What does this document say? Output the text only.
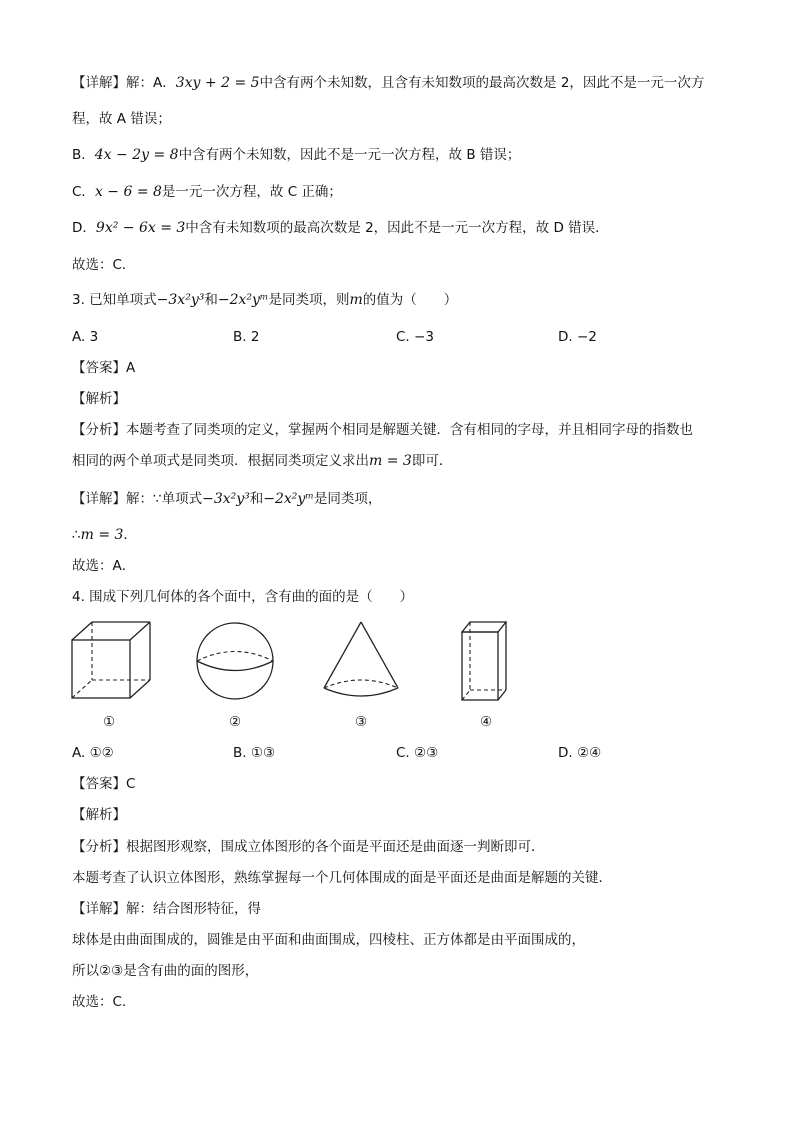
【详解】解：A．3xy + 2 = 5中含有两个未知数，且含有未知数项的最高次数是 2，因此不是一元一次方
程，故 A 错误；
B．4x − 2y = 8中含有两个未知数，因此不是一元一次方程，故 B 错误；
C．x − 6 = 8是一元一次方程，故 C 正确；
D．9x² − 6x = 3中含有未知数项的最高次数是 2，因此不是一元一次方程，故 D 错误．
故选：C．
3. 已知单项式−3x²y³和−2x²yᵐ是同类项，则m的值为（　　）
A. 3	B. 2	C. −3	D. −2
【答案】A
【解析】
【分析】本题考查了同类项的定义，掌握两个相同是解题关键．含有相同的字母，并且相同字母的指数也
相同的两个单项式是同类项．根据同类项定义求出m = 3即可．
【详解】解：∵单项式−3x²y³和−2x²yᵐ是同类项，
∴m = 3．
故选：A．
4. 围成下列几何体的各个面中，含有曲的面的是（　　）
①	②	③	④
A. ①②	B. ①③	C. ②③	D. ②④
【答案】C
【解析】
【分析】根据图形观察，围成立体图形的各个面是平面还是曲面逐一判断即可．
本题考查了认识立体图形，熟练掌握每一个几何体围成的面是平面还是曲面是解题的关键．
【详解】解：结合图形特征，得
球体是由曲面围成的，圆锥是由平面和曲面围成，四棱柱、正方体都是由平面围成的，
所以②③是含有曲的面的图形，
故选：C.
